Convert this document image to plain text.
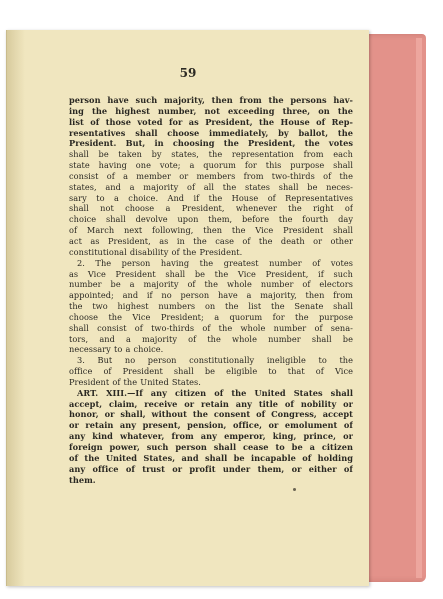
59
person have such majority, then from the persons hav-
ing the highest number, not exceeding three, on the
list of those voted for as President, the House of Rep-
resentatives shall choose immediately, by ballot, the
President. But, in choosing the President, the votes
shall be taken by states, the representation from each
state having one vote; a quorum for this purpose shall
consist of a member or members from two-thirds of the
states, and a majority of all the states shall be neces-
sary to a choice. And if the House of Representatives
shall not choose a President, whenever the right of
choice shall devolve upon them, before the fourth day
of March next following, then the Vice President shall
act as President, as in the case of the death or other
constitutional disability of the President.
2. The person having the greatest number of votes
as Vice President shall be the Vice President, if such
number be a majority of the whole number of electors
appointed; and if no person have a majority, then from
the two highest numbers on the list the Senate shall
choose the Vice President; a quorum for the purpose
shall consist of two-thirds of the whole number of sena-
tors, and a majority of the whole number shall be
necessary to a choice.
3. But no person constitutionally ineligible to the
office of President shall be eligible to that of Vice
President of the United States.
ART. XIII.—If any citizen of the United States shall
accept, claim, receive or retain any title of nobility or
honor, or shall, without the consent of Congress, accept
or retain any present, pension, office, or emolument of
any kind whatever, from any emperor, king, prince, or
foreign power, such person shall cease to be a citizen
of the United States, and shall be incapable of holding
any office of trust or profit under them, or either of
them.
